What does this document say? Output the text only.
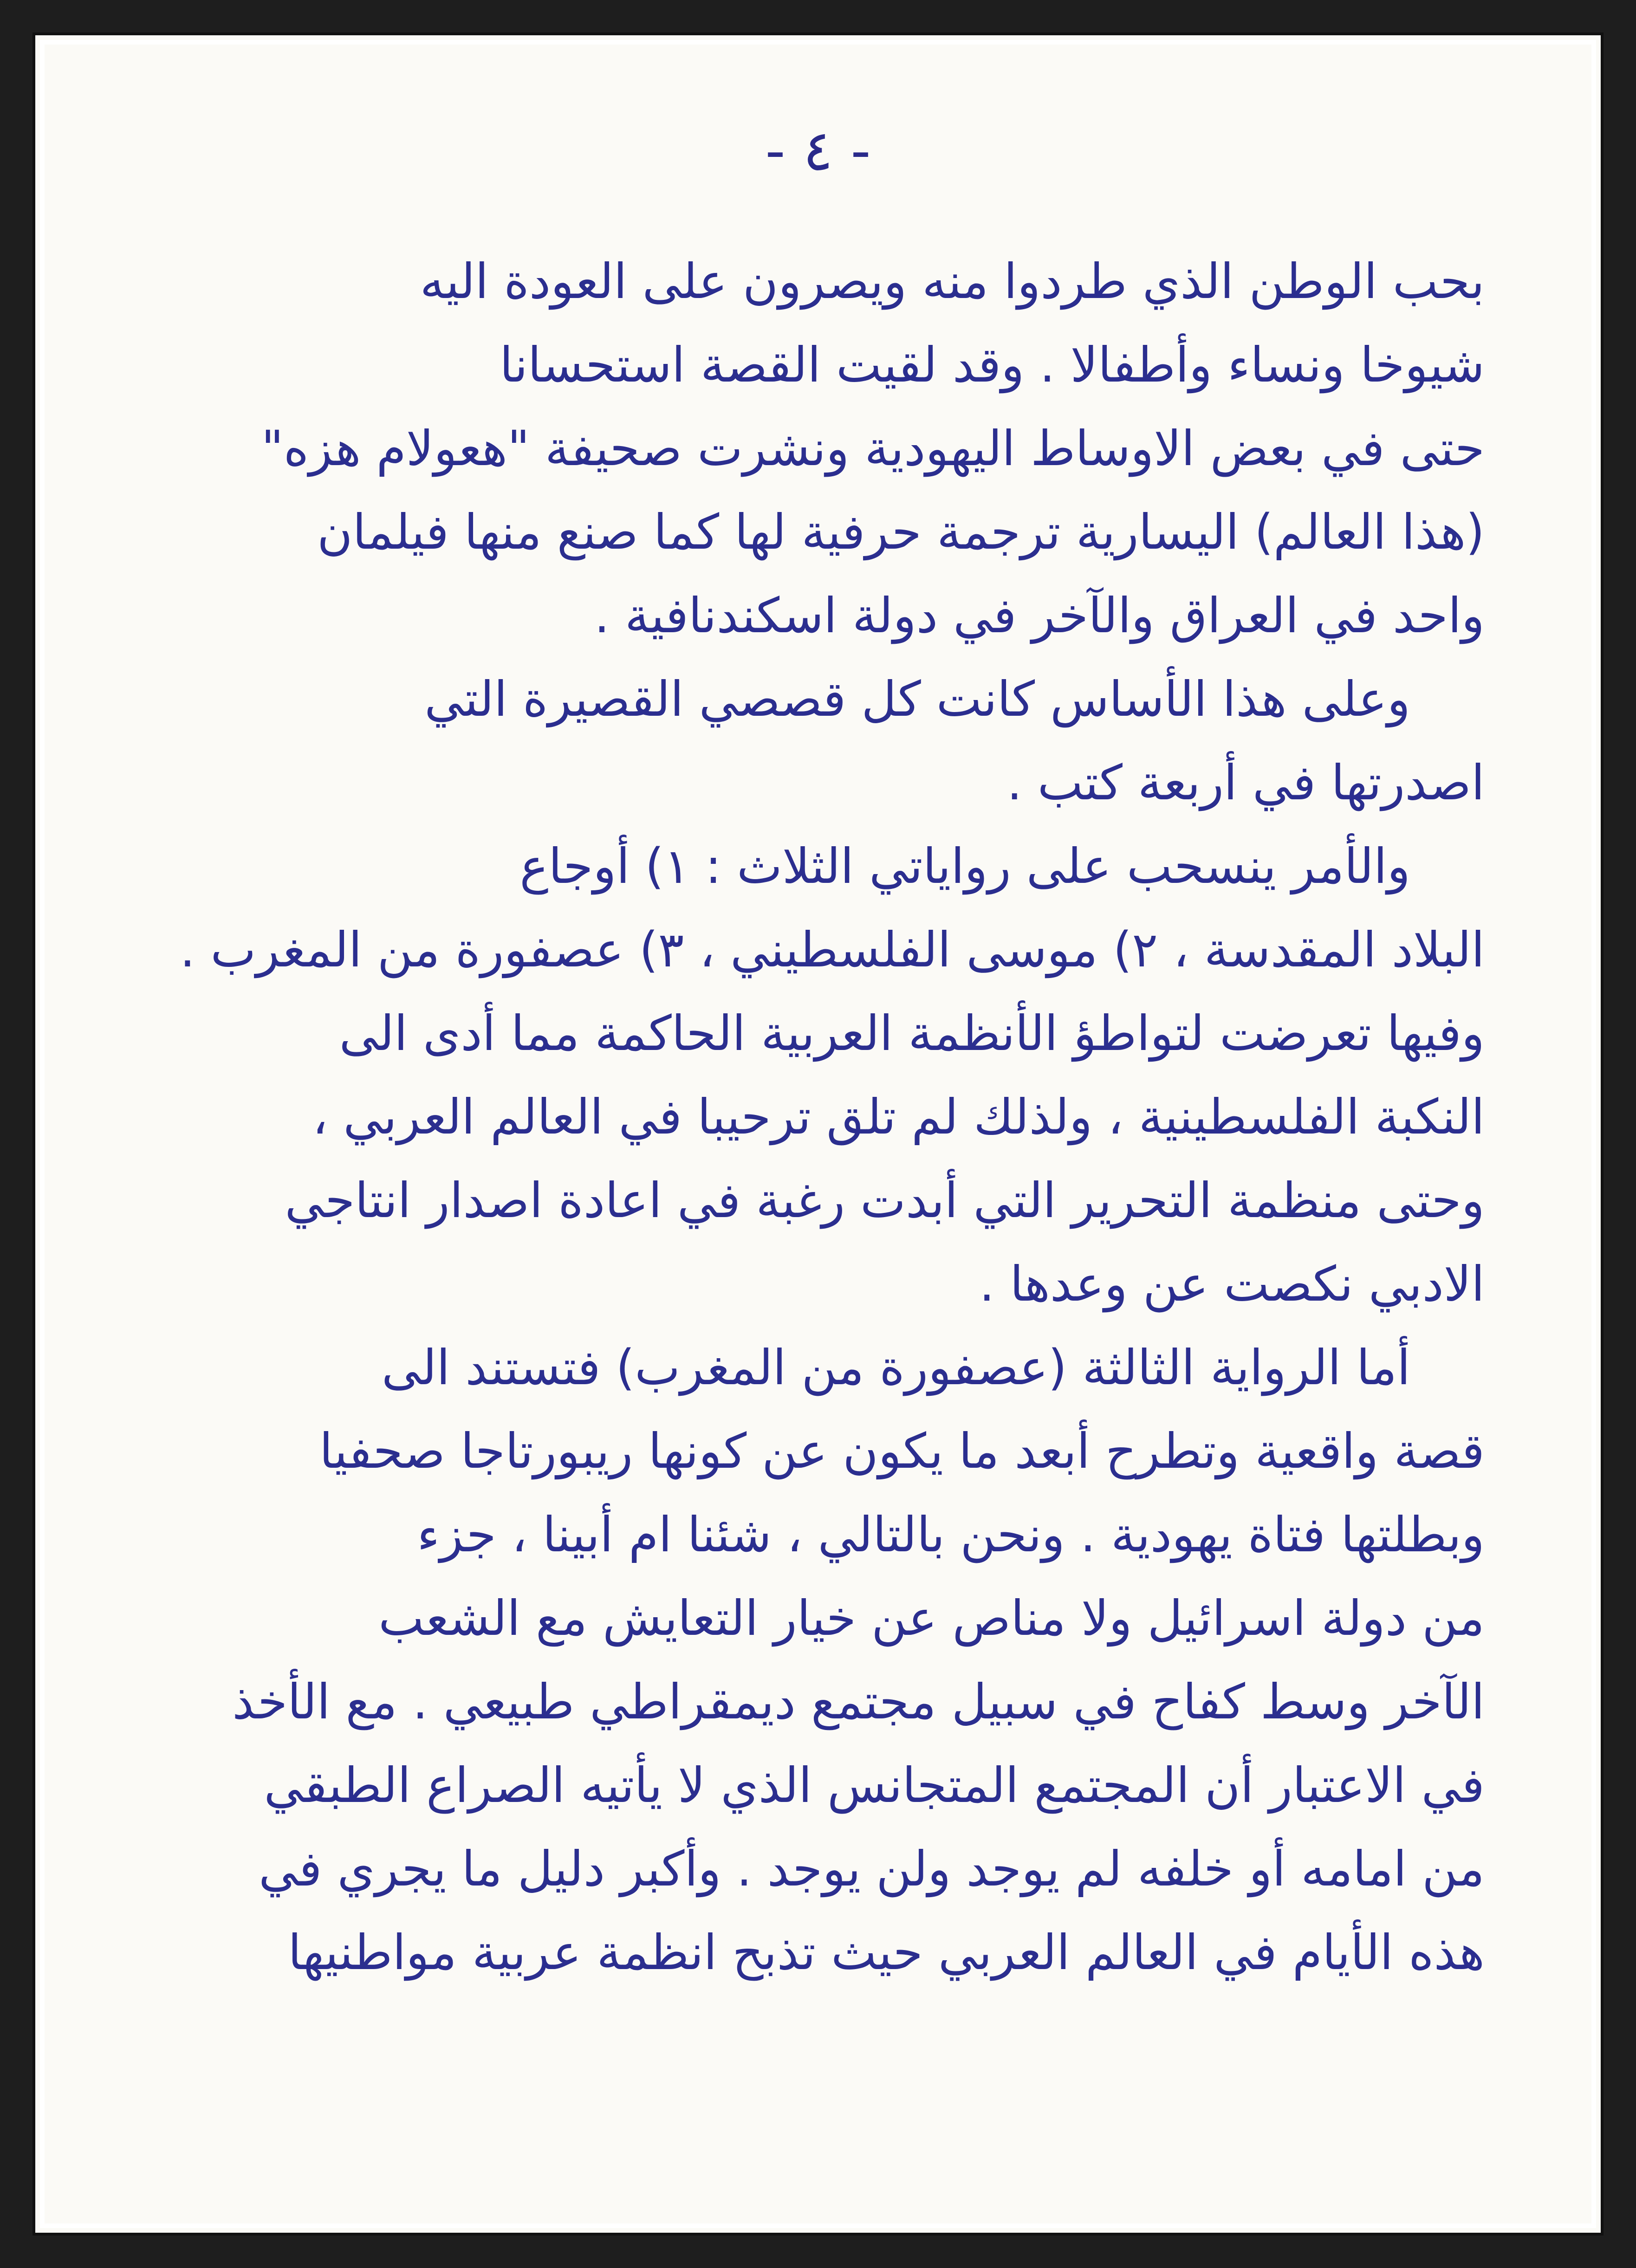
- ٤ -
بحب الوطن الذي طردوا منه ويصرون على العودة اليه
شيوخا ونساء وأطفالا . وقد لقيت القصة استحسانا
حتى في بعض الاوساط اليهودية ونشرت صحيفة "هعولام هزه"
(هذا العالم) اليسارية ترجمة حرفية لها كما صنع منها فيلمان
واحد في العراق والآخر في دولة اسكندنافية .
وعلى هذا الأساس كانت كل قصصي القصيرة التي
اصدرتها في أربعة كتب .
والأمر ينسحب على رواياتي الثلاث : ١) أوجاع
البلاد المقدسة ، ٢) موسى الفلسطيني ، ٣) عصفورة من المغرب .
وفيها تعرضت لتواطؤ الأنظمة العربية الحاكمة مما أدى الى
النكبة الفلسطينية ، ولذلك لم تلق ترحيبا في العالم العربي ،
وحتى منظمة التحرير التي أبدت رغبة في اعادة اصدار انتاجي
الادبي نكصت عن وعدها .
أما الرواية الثالثة (عصفورة من المغرب) فتستند الى
قصة واقعية وتطرح أبعد ما يكون عن كونها ريبورتاجا صحفيا
وبطلتها فتاة يهودية . ونحن بالتالي ، شئنا ام أبينا ، جزء
من دولة اسرائيل ولا مناص عن خيار التعايش مع الشعب
الآخر وسط كفاح في سبيل مجتمع ديمقراطي طبيعي . مع الأخذ
في الاعتبار أن المجتمع المتجانس الذي لا يأتيه الصراع الطبقي
من امامه أو خلفه لم يوجد ولن يوجد . وأكبر دليل ما يجري في
هذه الأيام في العالم العربي حيث تذبح انظمة عربية مواطنيها
